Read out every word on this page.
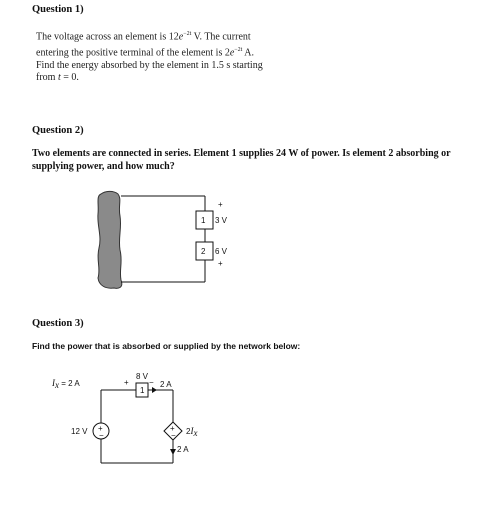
Question 1)
The voltage across an element is $12e^{-2t}$ V. The current
entering the positive terminal of the element is $2e^{-2t}$ A.
Find the energy absorbed by the element in 1.5 s starting
from t = 0.
Question 2)
Two elements are connected in series. Element 1 supplies 24 W of power. Is element 2 absorbing or supplying power, and how much?
1
+
3 V
2 6 V
+
Ix = 2 A	+
8 V
−
1
2 A
12 V +
−
+
− 2Ix
2 A
Question 3)
Find the power that is absorbed or supplied by the network below:
